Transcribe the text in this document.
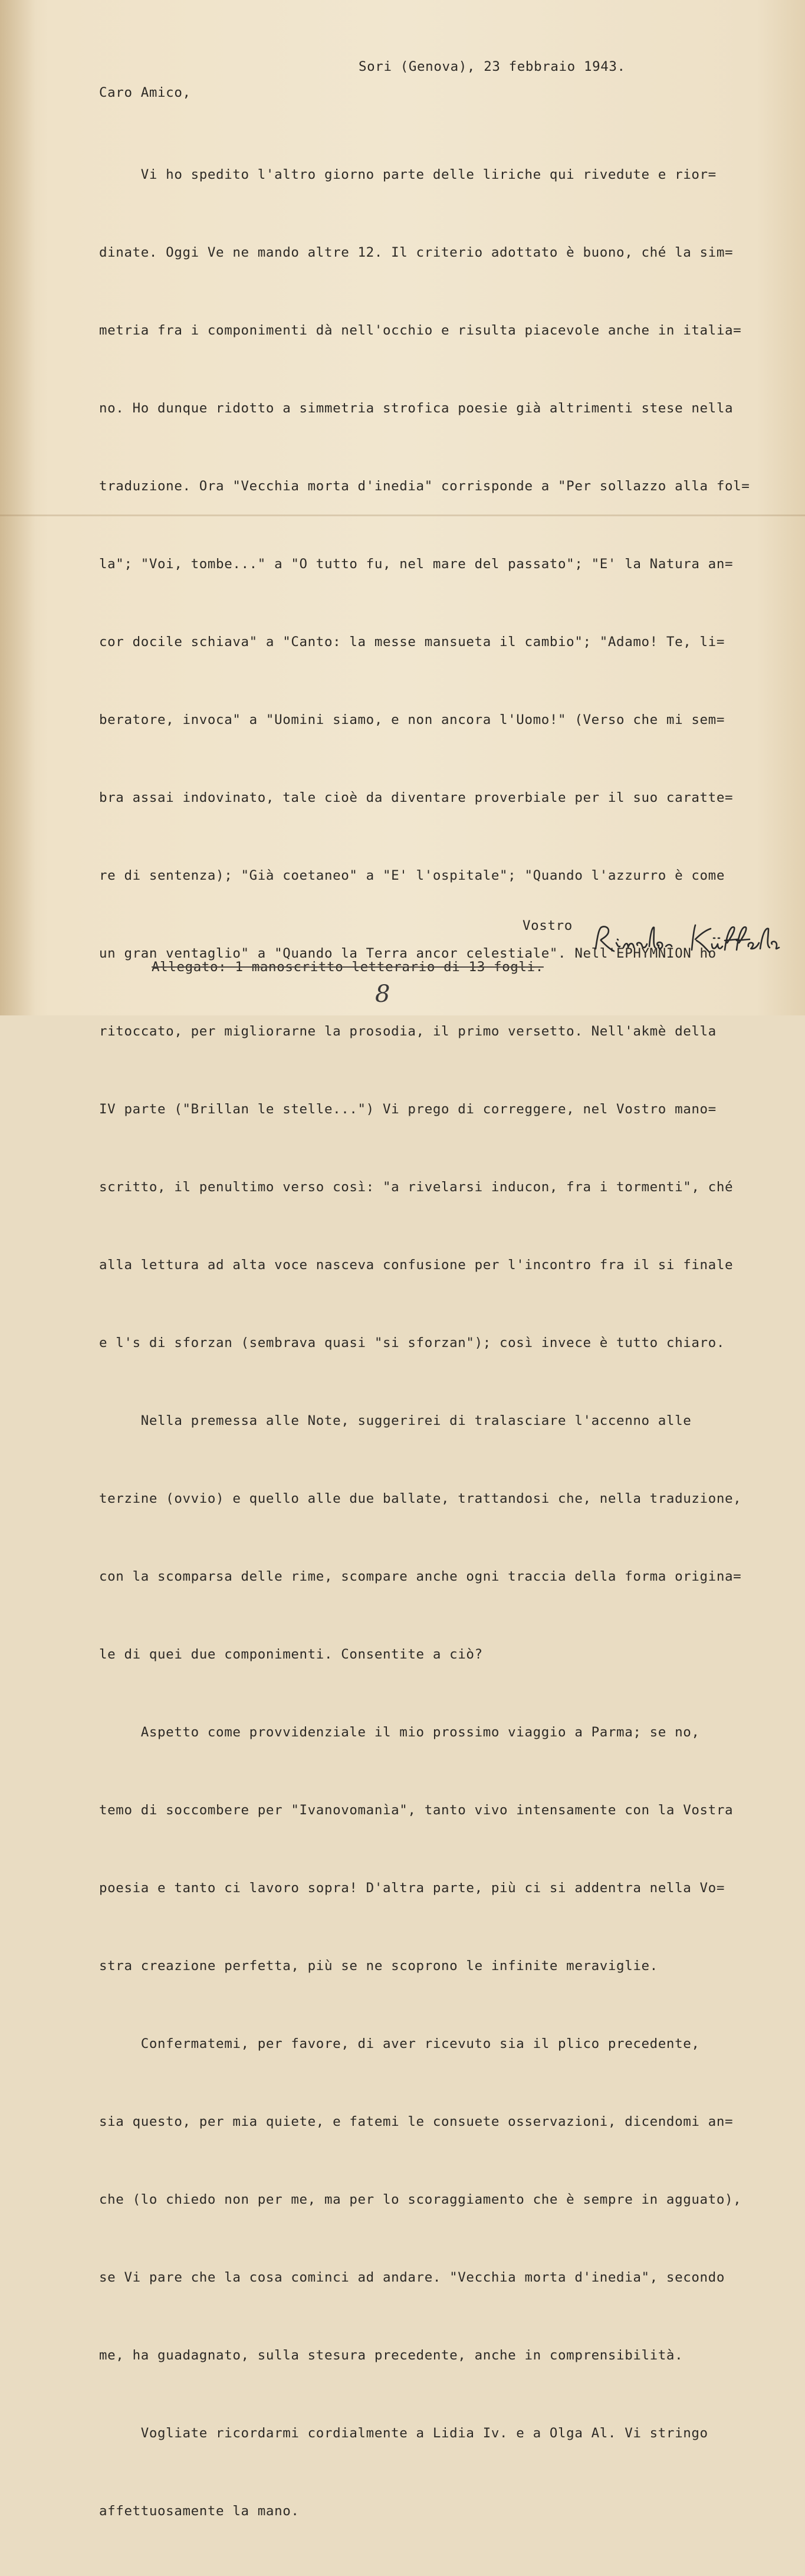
Sori (Genova), 23 febbraio 1943.

Caro Amico,

Vi ho spedito l'altro giorno parte delle liriche qui rivedute e rior=

dinate. Oggi Ve ne mando altre 12. Il criterio adottato è buono, ché la sim=

metria fra i componimenti dà nell'occhio e risulta piacevole anche in italia=

no. Ho dunque ridotto a simmetria strofica poesie già altrimenti stese nella

traduzione. Ora "Vecchia morta d'inedia" corrisponde a "Per sollazzo alla fol=

la"; "Voi, tombe..." a "O tutto fu, nel mare del passato"; "E' la Natura an=

cor docile schiava" a "Canto: la messe mansueta il cambio"; "Adamo! Te, li=

beratore, invoca" a "Uomini siamo, e non ancora l'Uomo!" (Verso che mi sem=

bra assai indovinato, tale cioè da diventare proverbiale per il suo caratte=

re di sentenza); "Già coetaneo" a "E' l'ospitale"; "Quando l'azzurro è come

un gran ventaglio" a "Quando la Terra ancor celestiale". Nell'EPHYMNION ho

ritoccato, per migliorarne la prosodia, il primo versetto. Nell'akmè della

IV parte ("Brillan le stelle...") Vi prego di correggere, nel Vostro mano=

scritto, il penultimo verso così: "a rivelarsi inducon, fra i tormenti", ché

alla lettura ad alta voce nasceva confusione per l'incontro fra il si finale

e l's di sforzan (sembrava quasi "si sforzan"); così invece è tutto chiaro.

Nella premessa alle Note, suggerirei di tralasciare l'accenno alle

terzine (ovvio) e quello alle due ballate, trattandosi che, nella traduzione,

con la scomparsa delle rime, scompare anche ogni traccia della forma origina=

le di quei due componimenti. Consentite a ciò?

Aspetto come provvidenziale il mio prossimo viaggio a Parma; se no,

temo di soccombere per "Ivanovomanìa", tanto vivo intensamente con la Vostra

poesia e tanto ci lavoro sopra! D'altra parte, più ci si addentra nella Vo=

stra creazione perfetta, più se ne scoprono le infinite meraviglie.

Confermatemi, per favore, di aver ricevuto sia il plico precedente,

sia questo, per mia quiete, e fatemi le consuete osservazioni, dicendomi an=

che (lo chiedo non per me, ma per lo scoraggiamento che è sempre in agguato),

se Vi pare che la cosa cominci ad andare. "Vecchia morta d'inedia", secondo

me, ha guadagnato, sulla stesura precedente, anche in comprensibilità.

Vogliate ricordarmi cordialmente a Lidia Iv. e a Olga Al. Vi stringo

affettuosamente la mano.

Vostro

Allegato: 1 manoscritto letterario di 13 fogli.

8
